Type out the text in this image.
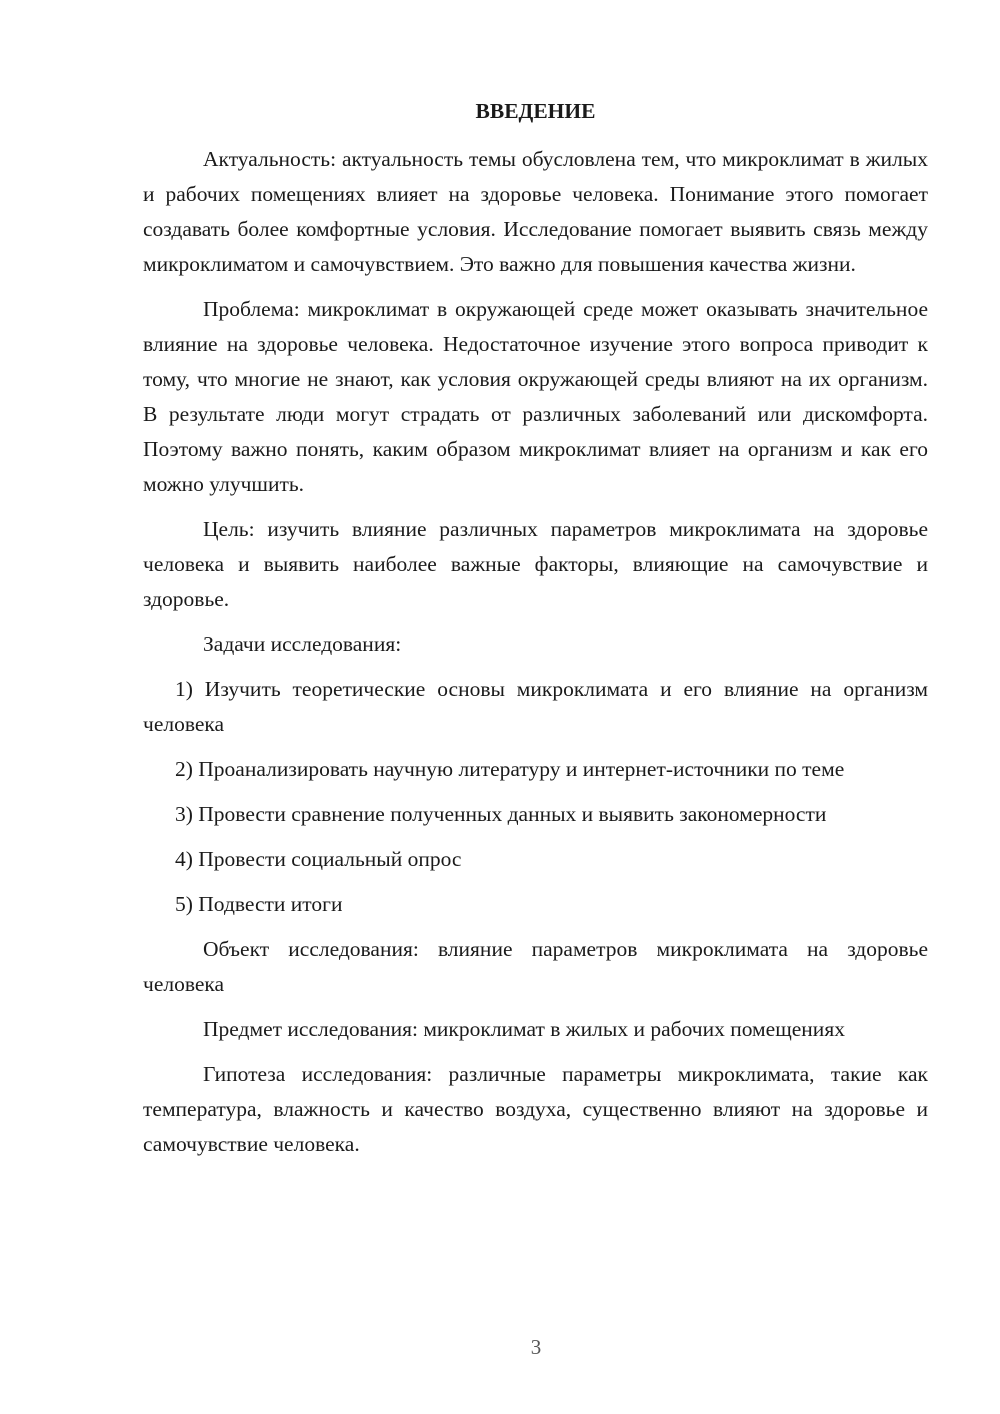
ВВЕДЕНИЕ

Актуальность: актуальность темы обусловлена тем, что микроклимат в жилых и рабочих помещениях влияет на здоровье человека. Понимание этого помогает создавать более комфортные условия. Исследование помогает выявить связь между микроклиматом и самочувствием. Это важно для повышения качества жизни.

Проблема: микроклимат в окружающей среде может оказывать значительное влияние на здоровье человека. Недостаточное изучение этого вопроса приводит к тому, что многие не знают, как условия окружающей среды влияют на их организм. В результате люди могут страдать от различных заболеваний или дискомфорта. Поэтому важно понять, каким образом микроклимат влияет на организм и как его можно улучшить.

Цель: изучить влияние различных параметров микроклимата на здоровье человека и выявить наиболее важные факторы, влияющие на самочувствие и здоровье.

Задачи исследования:

1) Изучить теоретические основы микроклимата и его влияние на организм человека

2) Проанализировать научную литературу и интернет-источники по теме

3) Провести сравнение полученных данных и выявить закономерности

4) Провести социальный опрос

5) Подвести итоги

Объект исследования: влияние параметров микроклимата на здоровье человека

Предмет исследования: микроклимат в жилых и рабочих помещениях

Гипотеза исследования: различные параметры микроклимата, такие как температура, влажность и качество воздуха, существенно влияют на здоровье и самочувствие человека.

3
